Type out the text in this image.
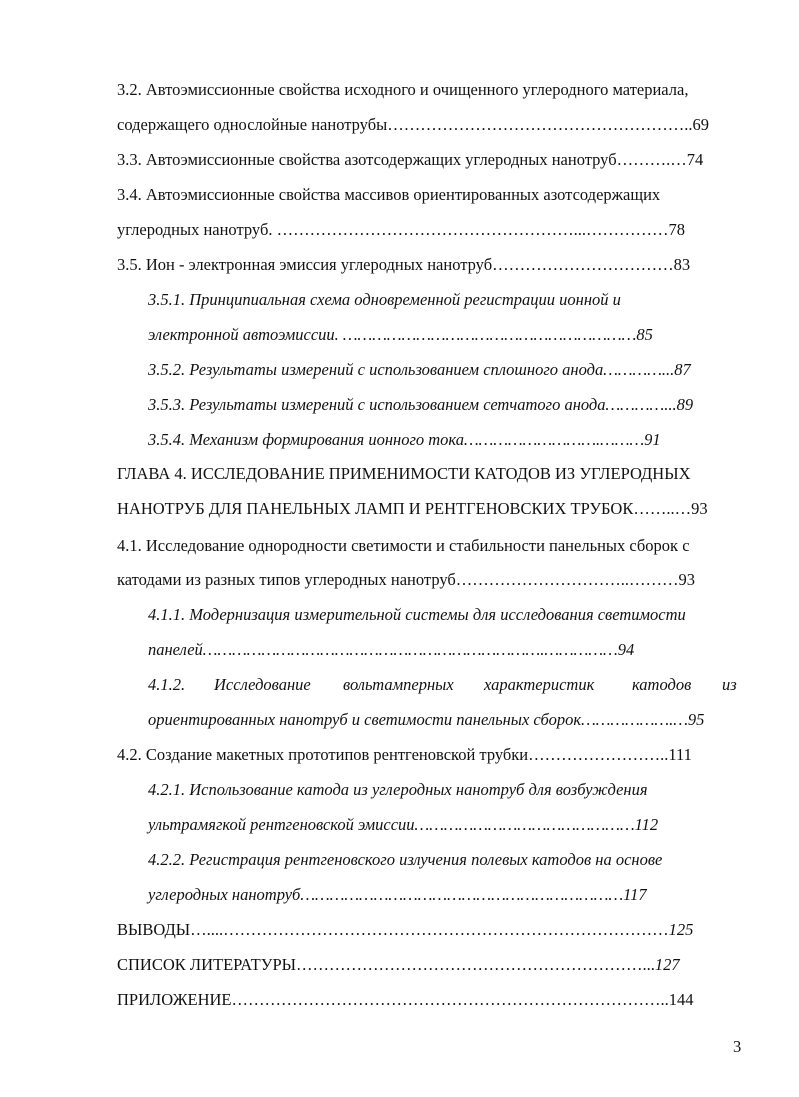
3.2. Автоэмиссионные свойства исходного и очищенного углеродного материала,
содержащего однослойные нанотрубы………………………………………………..69
3.3. Автоэмиссионные свойства азотсодержащих углеродных нанотруб……….…74
3.4. Автоэмиссионные свойства массивов ориентированных азотсодержащих
углеродных нанотруб. ………………………………………………...……………78
3.5. Ион - электронная эмиссия углеродных нанотруб……………………………83
3.5.1. Принципиальная схема одновременной регистрации ионной и
электронной автоэмиссии. ……………………………………………………85
3.5.2. Результаты измерений с использованием сплошного анода…………...87
3.5.3. Результаты измерений с использованием сетчатого анода…………...89
3.5.4. Механизм формирования ионного тока……………………….………91
ГЛАВА 4. ИССЛЕДОВАНИЕ ПРИМЕНИМОСТИ КАТОДОВ ИЗ УГЛЕРОДНЫХ
НАНОТРУБ ДЛЯ ПАНЕЛЬНЫХ ЛАМП И РЕНТГЕНОВСКИХ ТРУБОК……..…93
4.1. Исследование однородности светимости и стабильности панельных сборок с
катодами из разных типов углеродных нанотруб…………………………..………93
4.1.1. Модернизация измерительной системы для исследования светимости
панелей…………………………………………………………….……………94
4.1.2. Исследование вольтамперных характеристик катодов из
ориентированных нанотруб и светимости панельных сборок……………….…95
4.2. Создание макетных прототипов рентгеновской трубки……………………..111
4.2.1. Использование катода из углеродных нанотруб для возбуждения
ультрамягкой рентгеновской эмиссии………………………………………112
4.2.2. Регистрация рентгеновского излучения полевых катодов на основе
углеродных нанотруб…………………………………………………………117
ВЫВОДЫ…....………………………………………………………………………125
СПИСОК ЛИТЕРАТУРЫ………………………………………………………...127
ПРИЛОЖЕНИЕ……………………………………………………………………..144
3
